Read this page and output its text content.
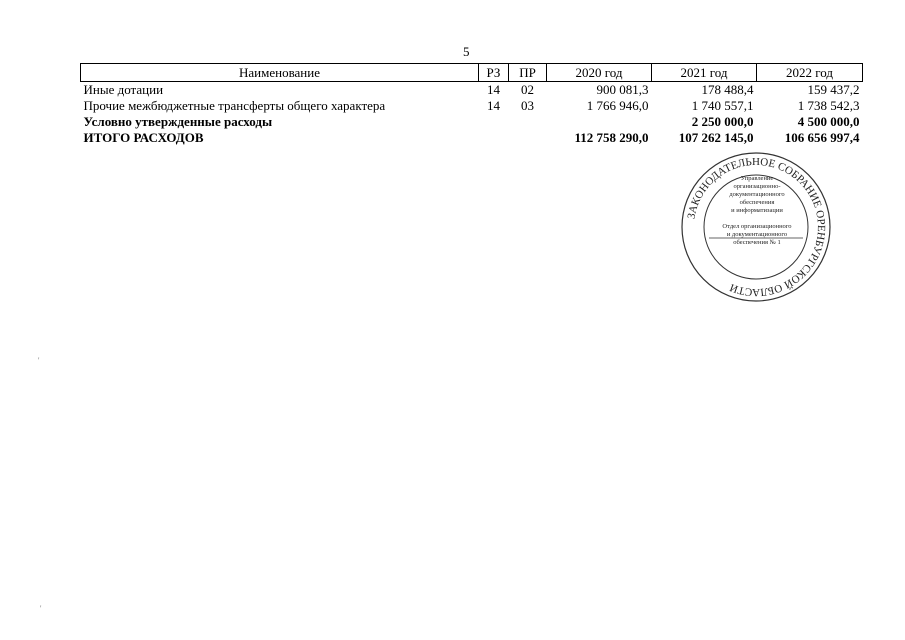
5
Наименование	РЗ	ПР	2020 год	2021 год	2022 год
Иные дотации	14	02	900 081,3	178 488,4	159 437,2
Прочие межбюджетные трансферты общего характера	14	03	1 766 946,0	1 740 557,1	1 738 542,3
Условно утвержденные расходы				2 250 000,0	4 500 000,0
ИТОГО РАСХОДОВ			112 758 290,0	107 262 145,0	106 656 997,4
ЗАКОНОДАТЕЛЬНОЕ СОБРАНИЕ ОРЕНБУРГСКОЙ ОБЛАСТИ
Управление
организационно-
документационного
обеспечения
и информатизации
Отдел организационного
и документационного
обеспечения № 1
'
'
